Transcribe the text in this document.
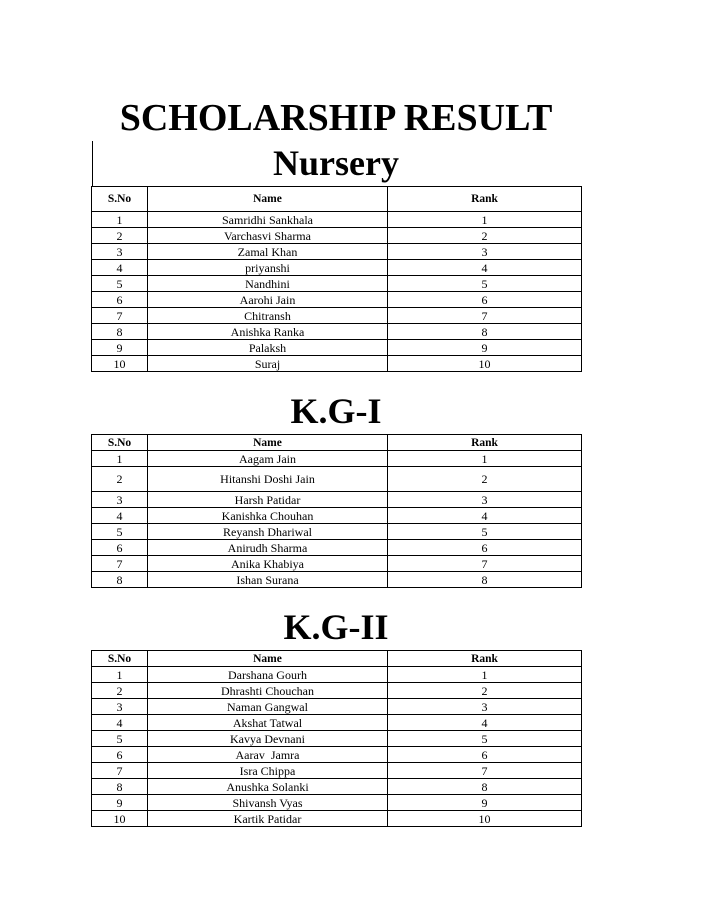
SCHOLARSHIP RESULT
Nursery
S.No	Name	Rank
1	Samridhi Sankhala	1
2	Varchasvi Sharma	2
3	Zamal Khan	3
4	priyanshi	4
5	Nandhini	5
6	Aarohi Jain	6
7	Chitransh	7
8	Anishka Ranka	8
9	Palaksh	9
10	Suraj	10
K.G-I
S.No	Name	Rank
1	Aagam Jain	1
2	Hitanshi Doshi Jain	2
3	Harsh Patidar	3
4	Kanishka Chouhan	4
5	Reyansh Dhariwal	5
6	Anirudh Sharma	6
7	Anika Khabiya	7
8	Ishan Surana	8
K.G-II
S.No	Name	Rank
1	Darshana Gourh	1
2	Dhrashti Chouchan	2
3	Naman Gangwal	3
4	Akshat Tatwal	4
5	Kavya Devnani	5
6	Aarav  Jamra	6
7	Isra Chippa	7
8	Anushka Solanki	8
9	Shivansh Vyas	9
10	Kartik Patidar	10
